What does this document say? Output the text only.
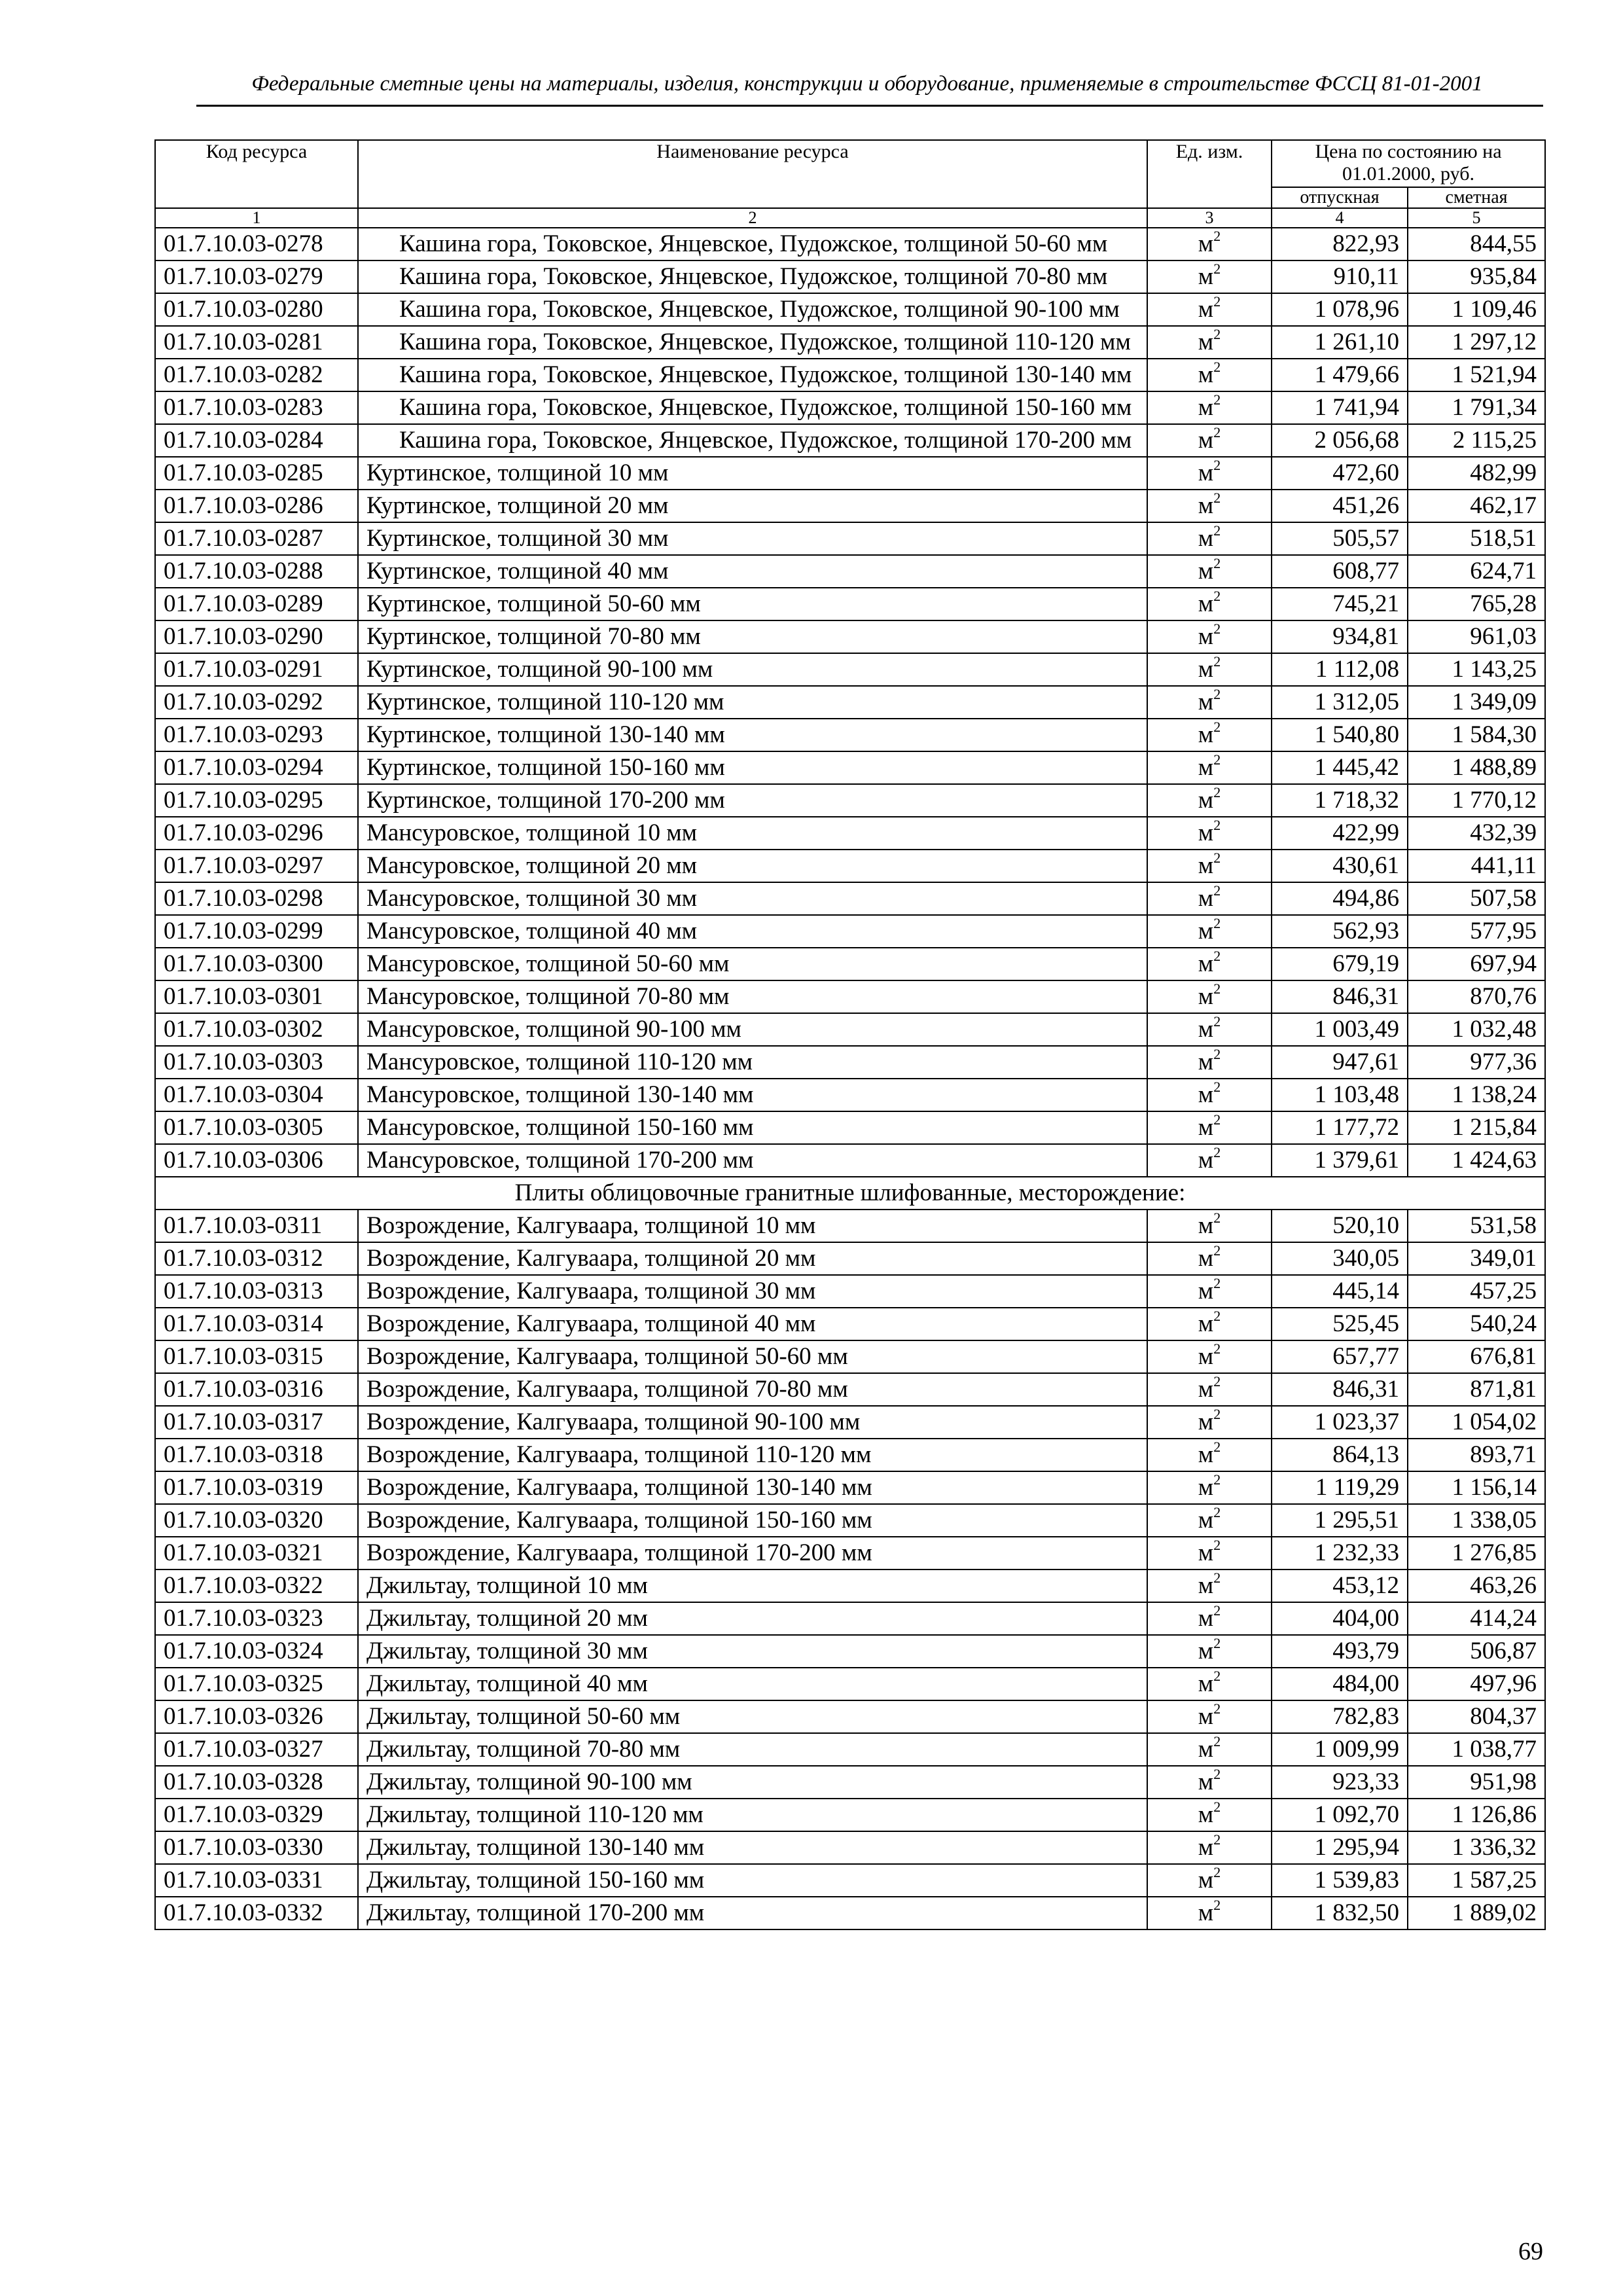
Федеральные сметные цены на материалы, изделия, конструкции и оборудование, применяемые в строительстве ФССЦ 81-01-2001
Код ресурса	Наименование ресурса	Ед. изм.	Цена по состоянию на 01.01.2000, руб.	
			отпускная	сметная
1	2	3	4	5
01.7.10.03-0278	Кашина гора, Токовское, Янцевское, Пудожское, толщиной 50-60 мм	$м^2$	822,93	844,55
01.7.10.03-0279	Кашина гора, Токовское, Янцевское, Пудожское, толщиной 70-80 мм	$м^2$	910,11	935,84
01.7.10.03-0280	Кашина гора, Токовское, Янцевское, Пудожское, толщиной 90-100 мм	$м^2$	1 078,96	1 109,46
01.7.10.03-0281	Кашина гора, Токовское, Янцевское, Пудожское, толщиной 110-120 мм	$м^2$	1 261,10	1 297,12
01.7.10.03-0282	Кашина гора, Токовское, Янцевское, Пудожское, толщиной 130-140 мм	$м^2$	1 479,66	1 521,94
01.7.10.03-0283	Кашина гора, Токовское, Янцевское, Пудожское, толщиной 150-160 мм	$м^2$	1 741,94	1 791,34
01.7.10.03-0284	Кашина гора, Токовское, Янцевское, Пудожское, толщиной 170-200 мм	$м^2$	2 056,68	2 115,25
01.7.10.03-0285	Куртинское, толщиной 10 мм	$м^2$	472,60	482,99
01.7.10.03-0286	Куртинское, толщиной 20 мм	$м^2$	451,26	462,17
01.7.10.03-0287	Куртинское, толщиной 30 мм	$м^2$	505,57	518,51
01.7.10.03-0288	Куртинское, толщиной 40 мм	$м^2$	608,77	624,71
01.7.10.03-0289	Куртинское, толщиной 50-60 мм	$м^2$	745,21	765,28
01.7.10.03-0290	Куртинское, толщиной 70-80 мм	$м^2$	934,81	961,03
01.7.10.03-0291	Куртинское, толщиной 90-100 мм	$м^2$	1 112,08	1 143,25
01.7.10.03-0292	Куртинское, толщиной 110-120 мм	$м^2$	1 312,05	1 349,09
01.7.10.03-0293	Куртинское, толщиной 130-140 мм	$м^2$	1 540,80	1 584,30
01.7.10.03-0294	Куртинское, толщиной 150-160 мм	$м^2$	1 445,42	1 488,89
01.7.10.03-0295	Куртинское, толщиной 170-200 мм	$м^2$	1 718,32	1 770,12
01.7.10.03-0296	Мансуровское, толщиной 10 мм	$м^2$	422,99	432,39
01.7.10.03-0297	Мансуровское, толщиной 20 мм	$м^2$	430,61	441,11
01.7.10.03-0298	Мансуровское, толщиной 30 мм	$м^2$	494,86	507,58
01.7.10.03-0299	Мансуровское, толщиной 40 мм	$м^2$	562,93	577,95
01.7.10.03-0300	Мансуровское, толщиной 50-60 мм	$м^2$	679,19	697,94
01.7.10.03-0301	Мансуровское, толщиной 70-80 мм	$м^2$	846,31	870,76
01.7.10.03-0302	Мансуровское, толщиной 90-100 мм	$м^2$	1 003,49	1 032,48
01.7.10.03-0303	Мансуровское, толщиной 110-120 мм	$м^2$	947,61	977,36
01.7.10.03-0304	Мансуровское, толщиной 130-140 мм	$м^2$	1 103,48	1 138,24
01.7.10.03-0305	Мансуровское, толщиной 150-160 мм	$м^2$	1 177,72	1 215,84
01.7.10.03-0306	Мансуровское, толщиной 170-200 мм	$м^2$	1 379,61	1 424,63
Плиты облицовочные гранитные шлифованные, месторождение:				
01.7.10.03-0311	Возрождение, Калгуваара, толщиной 10 мм	$м^2$	520,10	531,58
01.7.10.03-0312	Возрождение, Калгуваара, толщиной 20 мм	$м^2$	340,05	349,01
01.7.10.03-0313	Возрождение, Калгуваара, толщиной 30 мм	$м^2$	445,14	457,25
01.7.10.03-0314	Возрождение, Калгуваара, толщиной 40 мм	$м^2$	525,45	540,24
01.7.10.03-0315	Возрождение, Калгуваара, толщиной 50-60 мм	$м^2$	657,77	676,81
01.7.10.03-0316	Возрождение, Калгуваара, толщиной 70-80 мм	$м^2$	846,31	871,81
01.7.10.03-0317	Возрождение, Калгуваара, толщиной 90-100 мм	$м^2$	1 023,37	1 054,02
01.7.10.03-0318	Возрождение, Калгуваара, толщиной 110-120 мм	$м^2$	864,13	893,71
01.7.10.03-0319	Возрождение, Калгуваара, толщиной 130-140 мм	$м^2$	1 119,29	1 156,14
01.7.10.03-0320	Возрождение, Калгуваара, толщиной 150-160 мм	$м^2$	1 295,51	1 338,05
01.7.10.03-0321	Возрождение, Калгуваара, толщиной 170-200 мм	$м^2$	1 232,33	1 276,85
01.7.10.03-0322	Джильтау, толщиной 10 мм	$м^2$	453,12	463,26
01.7.10.03-0323	Джильтау, толщиной 20 мм	$м^2$	404,00	414,24
01.7.10.03-0324	Джильтау, толщиной 30 мм	$м^2$	493,79	506,87
01.7.10.03-0325	Джильтау, толщиной 40 мм	$м^2$	484,00	497,96
01.7.10.03-0326	Джильтау, толщиной 50-60 мм	$м^2$	782,83	804,37
01.7.10.03-0327	Джильтау, толщиной 70-80 мм	$м^2$	1 009,99	1 038,77
01.7.10.03-0328	Джильтау, толщиной 90-100 мм	$м^2$	923,33	951,98
01.7.10.03-0329	Джильтау, толщиной 110-120 мм	$м^2$	1 092,70	1 126,86
01.7.10.03-0330	Джильтау, толщиной 130-140 мм	$м^2$	1 295,94	1 336,32
01.7.10.03-0331	Джильтау, толщиной 150-160 мм	$м^2$	1 539,83	1 587,25
01.7.10.03-0332	Джильтау, толщиной 170-200 мм	$м^2$	1 832,50	1 889,02
69
